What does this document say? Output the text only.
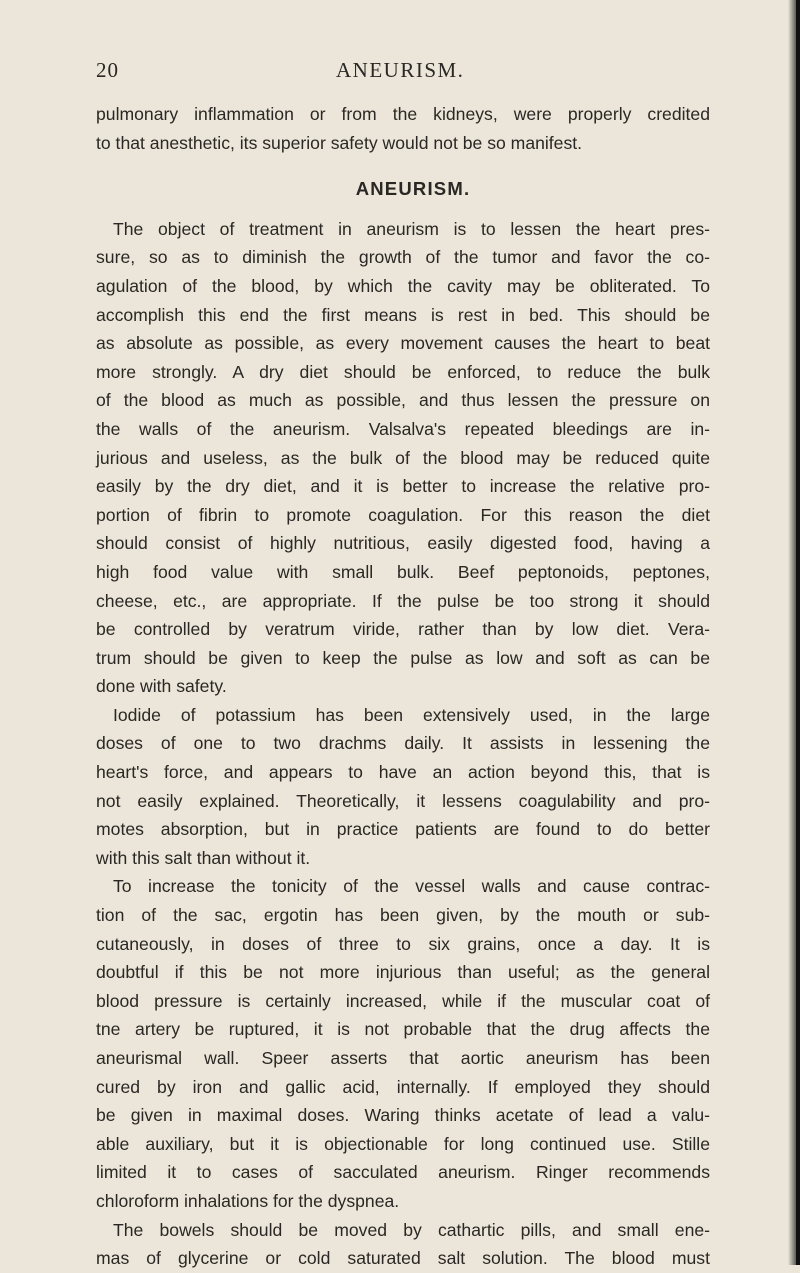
20	ANEURISM.
pulmonary inflammation or from the kidneys, were properly credited
to that anesthetic, its superior safety would not be so manifest.
ANEURISM.
The object of treatment in aneurism is to lessen the heart pres-
sure, so as to diminish the growth of the tumor and favor the co-
agulation of the blood, by which the cavity may be obliterated. To
accomplish this end the first means is rest in bed. This should be
as absolute as possible, as every movement causes the heart to beat
more strongly. A dry diet should be enforced, to reduce the bulk
of the blood as much as possible, and thus lessen the pressure on
the walls of the aneurism. Valsalva's repeated bleedings are in-
jurious and useless, as the bulk of the blood may be reduced quite
easily by the dry diet, and it is better to increase the relative pro-
portion of fibrin to promote coagulation. For this reason the diet
should consist of highly nutritious, easily digested food, having a
high food value with small bulk. Beef peptonoids, peptones,
cheese, etc., are appropriate. If the pulse be too strong it should
be controlled by veratrum viride, rather than by low diet. Vera-
trum should be given to keep the pulse as low and soft as can be
done with safety.
Iodide of potassium has been extensively used, in the large
doses of one to two drachms daily. It assists in lessening the
heart's force, and appears to have an action beyond this, that is
not easily explained. Theoretically, it lessens coagulability and pro-
motes absorption, but in practice patients are found to do better
with this salt than without it.
To increase the tonicity of the vessel walls and cause contrac-
tion of the sac, ergotin has been given, by the mouth or sub-
cutaneously, in doses of three to six grains, once a day. It is
doubtful if this be not more injurious than useful; as the general
blood pressure is certainly increased, while if the muscular coat of
tne artery be ruptured, it is not probable that the drug affects the
aneurismal wall. Speer asserts that aortic aneurism has been
cured by iron and gallic acid, internally. If employed they should
be given in maximal doses. Waring thinks acetate of lead a valu-
able auxiliary, but it is objectionable for long continued use. Stille
limited it to cases of sacculated aneurism. Ringer recommends
chloroform inhalations for the dyspnea.
The bowels should be moved by cathartic pills, and small ene-
mas of glycerine or cold saturated salt solution. The blood must
